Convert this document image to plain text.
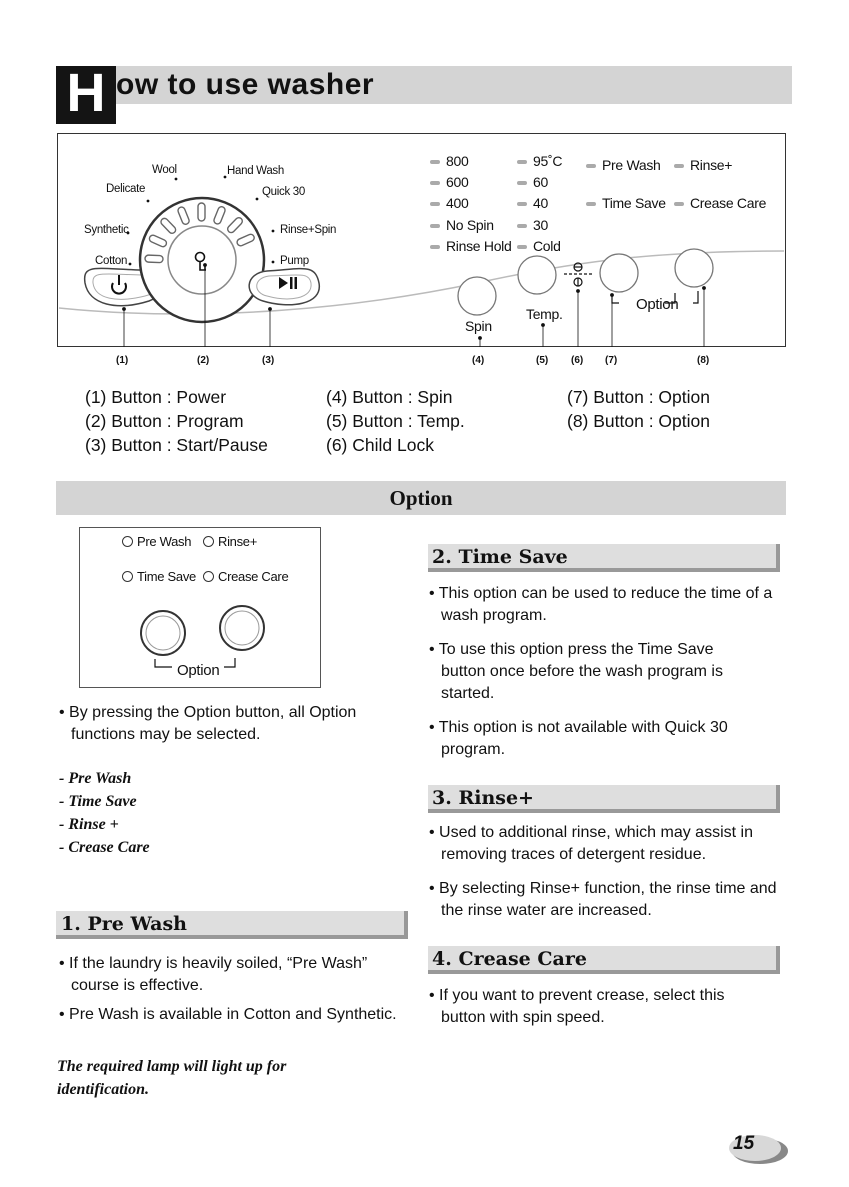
H ow to use washer
Wool	Hand Wash
Delicate	Quick 30
Synthetic	Rinse+Spin
Cotton	Pump
800
600
400
No Spin
Rinse Hold
95˚C
60
40
30
Cold
Pre Wash	Rinse+
Time Save	Crease Care
Spin
Temp.
Option
(1)	(2)	(3)	(4)	(5) (6) (7)	(8)
(1) Button : Power
(2) Button : Program
(3) Button : Start/Pause
(4) Button : Spin
(5) Button : Temp.
(6) Child Lock
(7) Button : Option
(8) Button : Option
Option
Pre Wash	Rinse+
Time Save	Crease Care
Option
• By pressing the Option button, all Option functions may be selected.
- Pre Wash
- Time Save
- Rinse +
- Crease Care
1. Pre Wash

• If the laundry is heavily soiled, “Pre Wash” course is effective.

• Pre Wash is available in Cotton and Synthetic.

The required lamp will light up for identification.
2. Time Save

• This option can be used to reduce the time of a wash program.

• To use this option press the Time Save button once before the wash program is started.

• This option is not available with Quick 30 program.

3. Rinse+

• Used to additional rinse, which may assist in removing traces of detergent residue.

• By selecting Rinse+ function, the rinse time and the rinse water are increased.

4. Crease Care

• If you want to prevent crease, select this button with spin speed.

15
